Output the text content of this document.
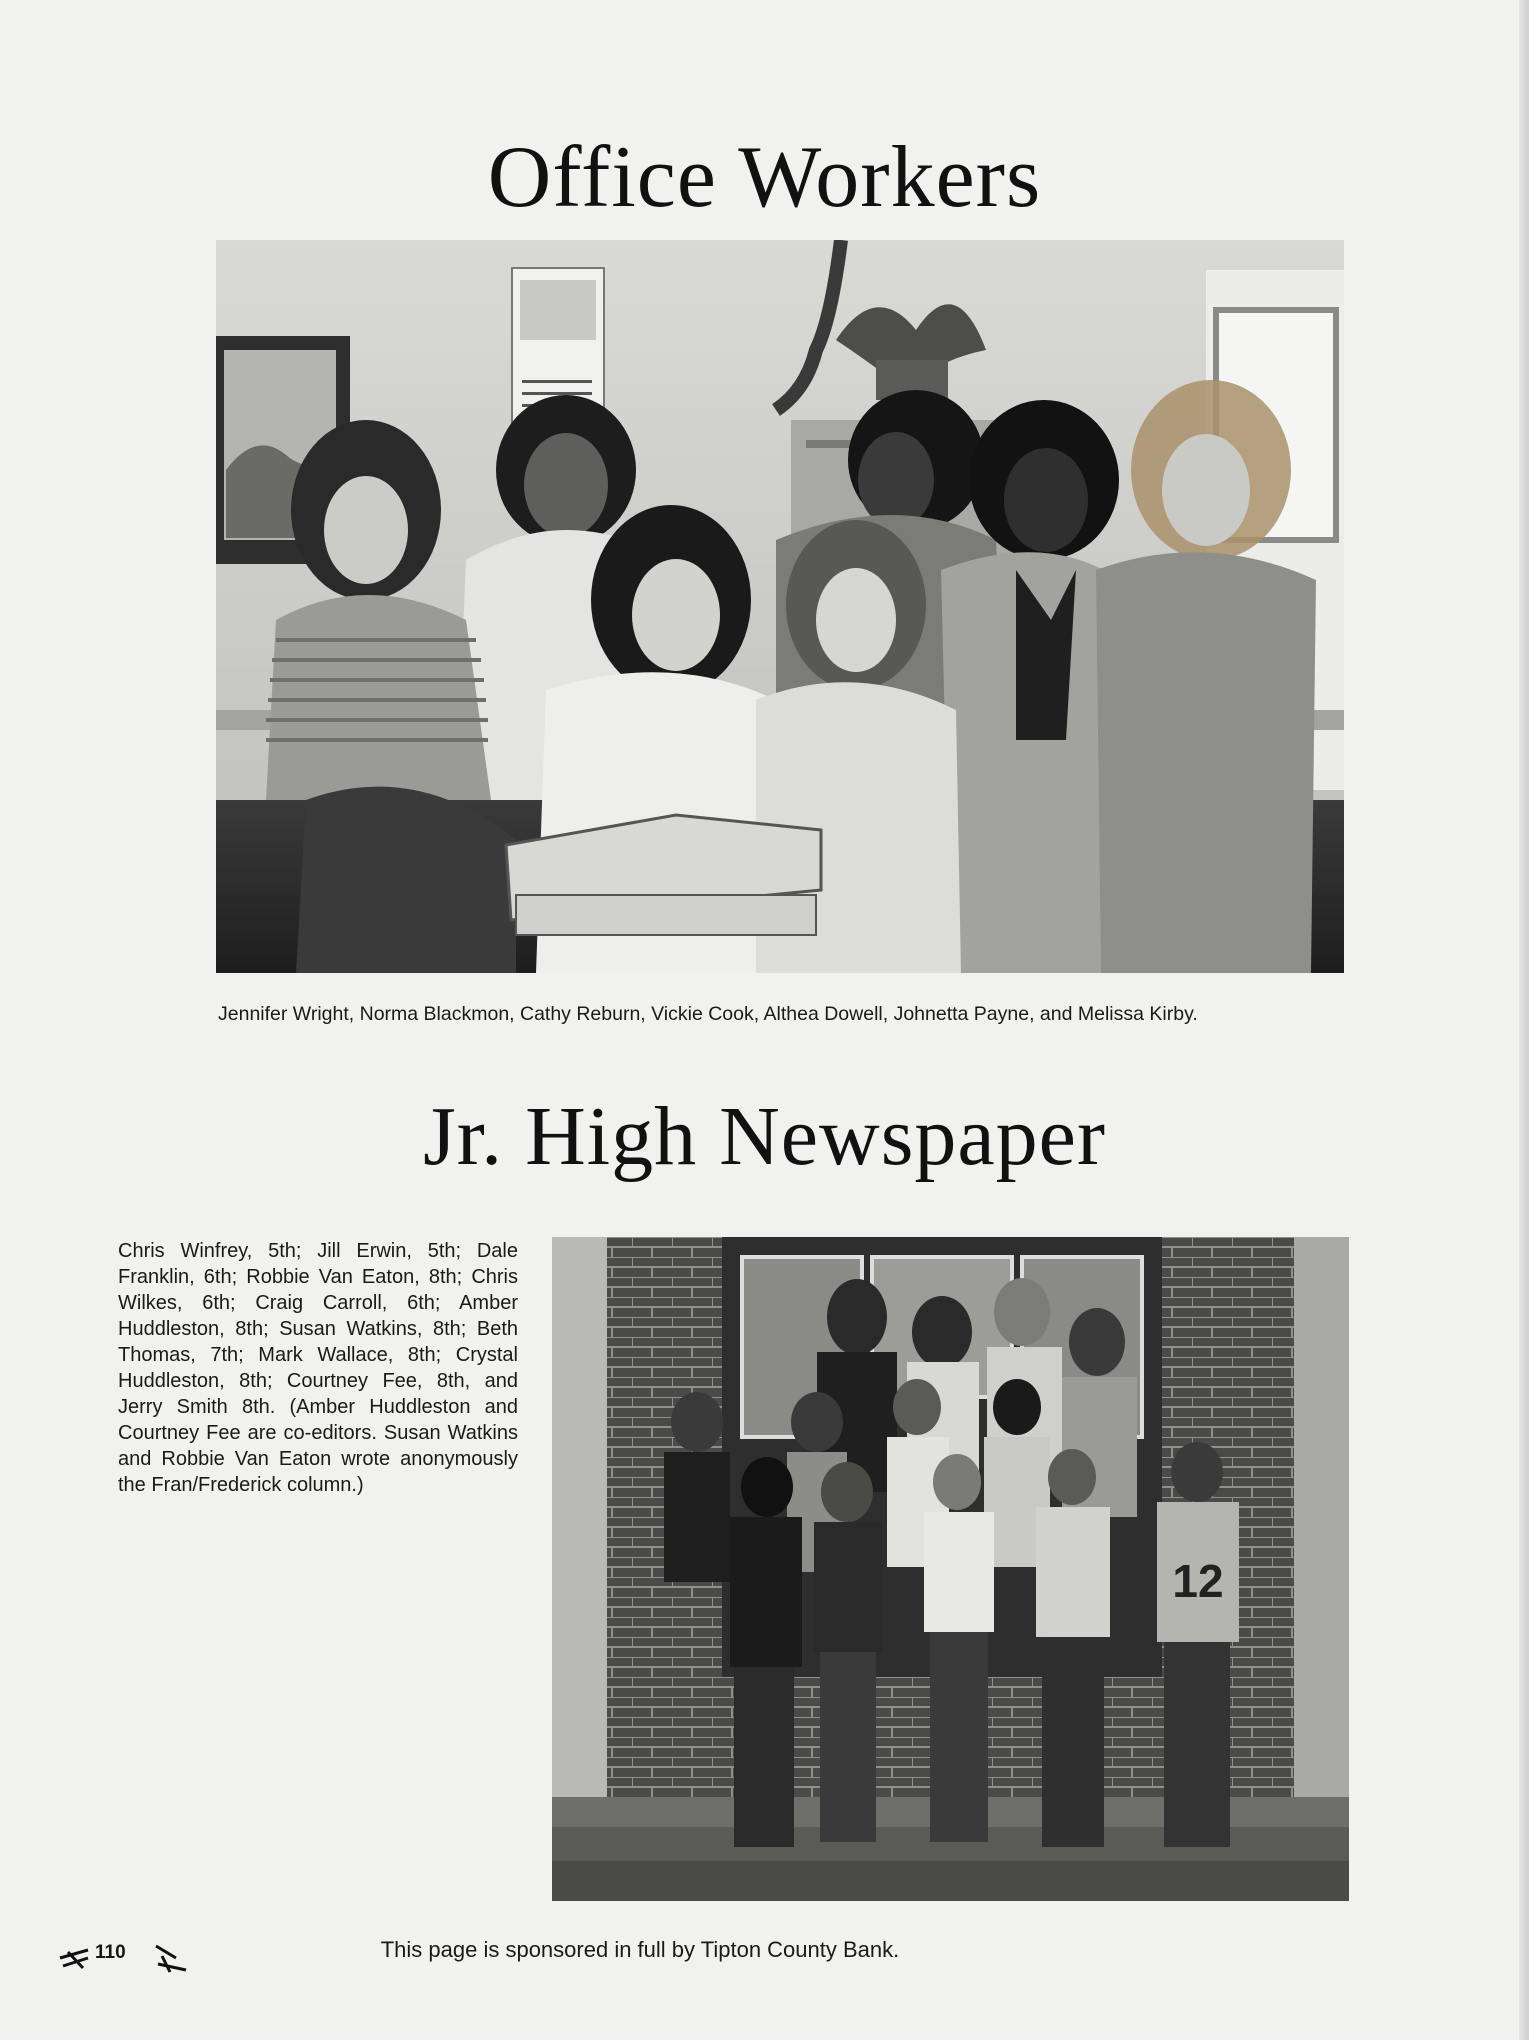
Office Workers
Jennifer Wright, Norma Blackmon, Cathy Reburn, Vickie Cook, Althea Dowell, Johnetta Payne, and Melissa Kirby.
Jr. High Newspaper
Chris Winfrey, 5th; Jill Erwin, 5th; Dale Franklin, 6th; Robbie Van Eaton, 8th; Chris Wilkes, 6th; Craig Carroll, 6th; Amber Huddleston, 8th; Susan Watkins, 8th; Beth Thomas, 7th; Mark Wallace, 8th; Crystal Huddleston, 8th; Courtney Fee, 8th, and Jerry Smith 8th. (Amber Huddleston and Courtney Fee are co-editors. Susan Watkins and Robbie Van Eaton wrote anonymously the Fran/Frederick column.)
12
This page is sponsored in full by Tipton County Bank.
110
